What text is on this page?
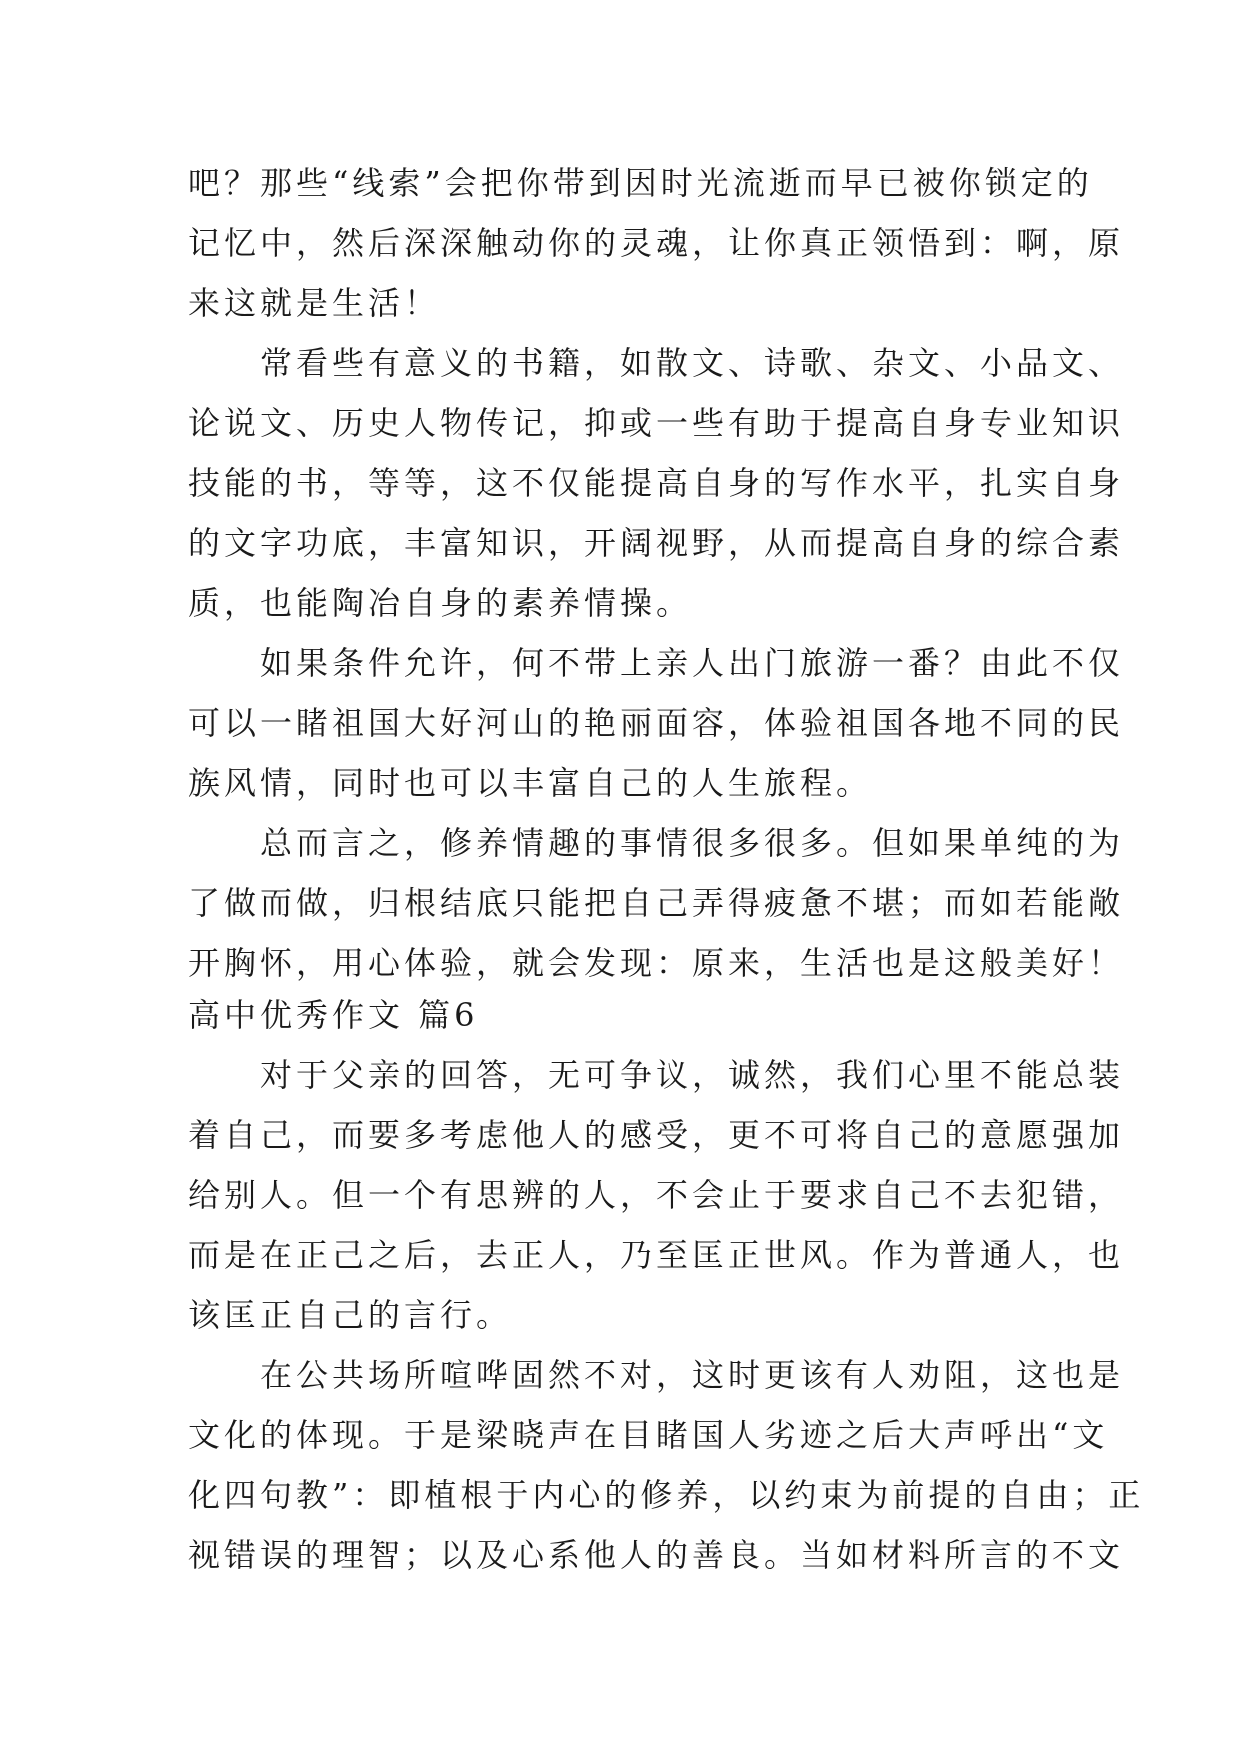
吧？那些“线索”会把你带到因时光流逝而早已被你锁定的
记忆中，然后深深触动你的灵魂，让你真正领悟到：啊，原
来这就是生活！
　　常看些有意义的书籍，如散文、诗歌、杂文、小品文、
论说文、历史人物传记，抑或一些有助于提高自身专业知识
技能的书，等等，这不仅能提高自身的写作水平，扎实自身
的文字功底，丰富知识，开阔视野，从而提高自身的综合素
质，也能陶冶自身的素养情操。
　　如果条件允许，何不带上亲人出门旅游一番？由此不仅
可以一睹祖国大好河山的艳丽面容，体验祖国各地不同的民
族风情，同时也可以丰富自己的人生旅程。
　　总而言之，修养情趣的事情很多很多。但如果单纯的为
了做而做，归根结底只能把自己弄得疲惫不堪；而如若能敞
开胸怀，用心体验，就会发现：原来，生活也是这般美好！
高中优秀作文 篇6
　　对于父亲的回答，无可争议，诚然，我们心里不能总装
着自己，而要多考虑他人的感受，更不可将自己的意愿强加
给别人。但一个有思辨的人，不会止于要求自己不去犯错，
而是在正己之后，去正人，乃至匡正世风。作为普通人，也
该匡正自己的言行。
　　在公共场所喧哗固然不对，这时更该有人劝阻，这也是
文化的体现。于是梁晓声在目睹国人劣迹之后大声呼出“文
化四句教”：即植根于内心的修养，以约束为前提的自由；正
视错误的理智；以及心系他人的善良。当如材料所言的不文
